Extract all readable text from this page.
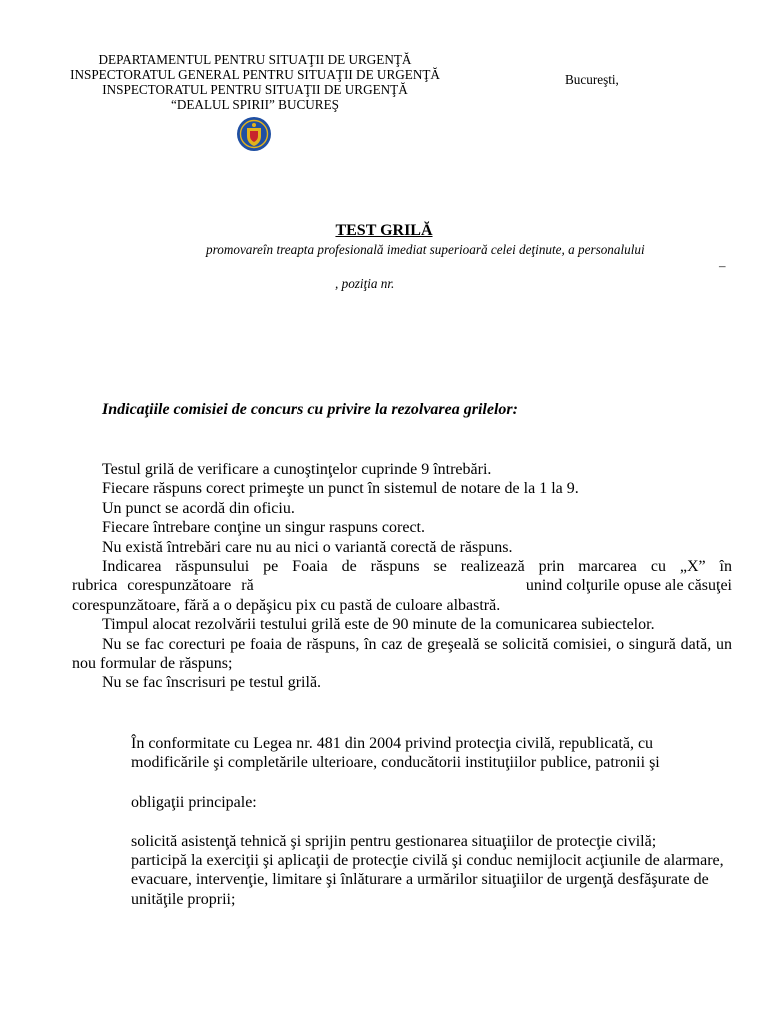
DEPARTAMENTUL PENTRU SITUAŢII DE URGENŢĂ
INSPECTORATUL GENERAL PENTRU SITUAŢII DE URGENŢĂ
INSPECTORATUL PENTRU SITUAŢII DE URGENŢĂ
“DEALUL SPIRII” BUCUREŞ
Bucureşti,
TEST GRILĂ
promovareîn treapta profesională imediat superioară celei deţinute, a personalului
–
, poziţia nr.
Indicaţiile comisiei de concurs cu privire la rezolvarea grilelor:
Testul grilă de verificare a cunoştinţelor cuprinde 9 întrebări.
Fiecare răspuns corect primeşte un punct în sistemul de notare de la 1 la 9.
Un punct se acordă din oficiu.
Fiecare întrebare conţine un singur raspuns corect.
Nu există întrebări care nu au nici o variantă corectă de răspuns.
Indicarea răspunsului pe Foaia de răspuns se realizează prin marcarea cu „X” în
rubrica corespunzătoare ră	unind colţurile opuse ale căsuţei
corespunzătoare, fără a o depăşicu pix cu pastă de culoare albastră.
Timpul alocat rezolvării testului grilă este de 90 minute de la comunicarea subiectelor.
Nu se fac corecturi pe foaia de răspuns, în caz de greşeală se solicită comisiei, o singură dată, un nou formular de răspuns;
Nu se fac înscrisuri pe testul grilă.
În conformitate cu Legea nr. 481 din 2004 privind protecţia civilă, republicată, cu modificările şi completările ulterioare, conducătorii instituţiilor publice, patronii şi
obligaţii principale:
solicită asistenţă tehnică şi sprijin pentru gestionarea situaţiilor de protecţie civilă;
participă la exerciţii şi aplicaţii de protecţie civilă şi conduc nemijlocit acţiunile de alarmare, evacuare, intervenţie, limitare şi înlăturare a urmărilor situaţiilor de urgenţă desfăşurate de unităţile proprii;
